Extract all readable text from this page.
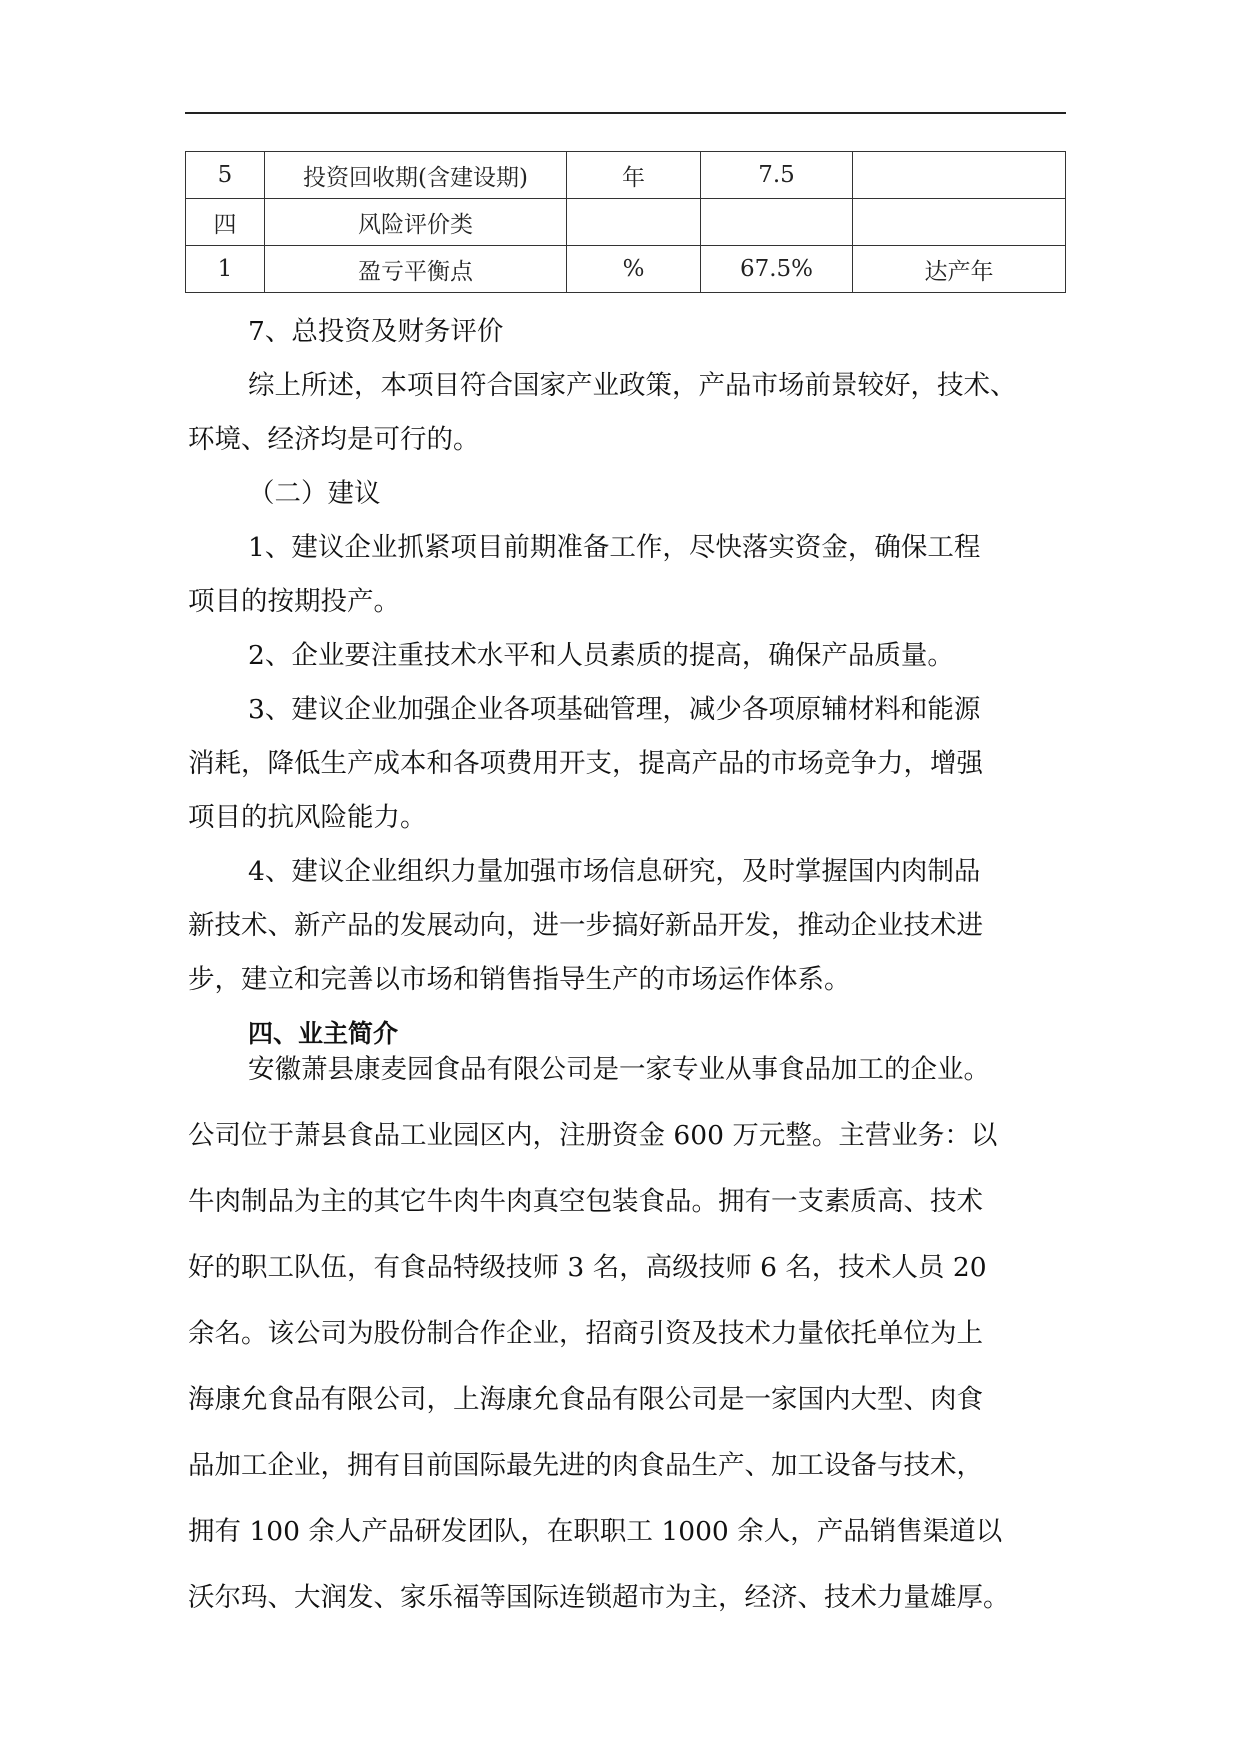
5	投资回收期(含建设期)	年	7.5	
四	风险评价类			
1	盈亏平衡点	%	67.5%	达产年

7、总投资及财务评价

综上所述，本项目符合国家产业政策，产品市场前景较好，技术、

环境、经济均是可行的。

（二）建议

1、建议企业抓紧项目前期准备工作，尽快落实资金，确保工程

项目的按期投产。

2、企业要注重技术水平和人员素质的提高，确保产品质量。

3、建议企业加强企业各项基础管理，减少各项原辅材料和能源

消耗，降低生产成本和各项费用开支，提高产品的市场竞争力，增强

项目的抗风险能力。

4、建议企业组织力量加强市场信息研究，及时掌握国内肉制品

新技术、新产品的发展动向，进一步搞好新品开发，推动企业技术进

步，建立和完善以市场和销售指导生产的市场运作体系。

四、业主简介

安徽萧县康麦园食品有限公司是一家专业从事食品加工的企业。

公司位于萧县食品工业园区内，注册资金 600 万元整。主营业务：以

牛肉制品为主的其它牛肉牛肉真空包装食品。拥有一支素质高、技术

好的职工队伍，有食品特级技师 3 名，高级技师 6 名，技术人员 20

余名。该公司为股份制合作企业，招商引资及技术力量依托单位为上

海康允食品有限公司，上海康允食品有限公司是一家国内大型、肉食

品加工企业，拥有目前国际最先进的肉食品生产、加工设备与技术，

拥有 100 余人产品研发团队，在职职工 1000 余人，产品销售渠道以

沃尔玛、大润发、家乐福等国际连锁超市为主，经济、技术力量雄厚。
